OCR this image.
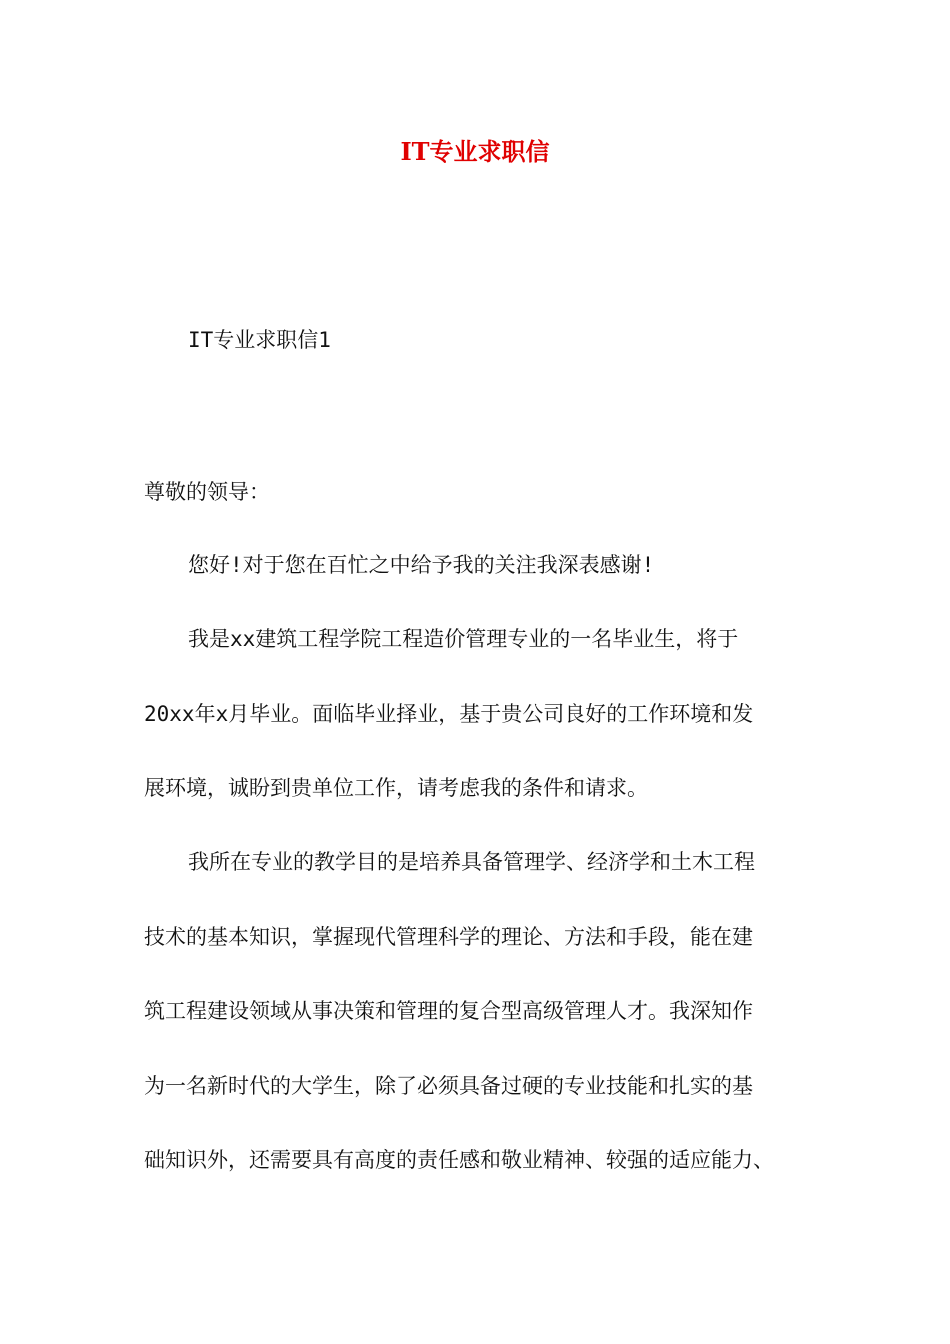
IT专业求职信
IT专业求职信1
尊敬的领导：
您好!对于您在百忙之中给予我的关注我深表感谢!
我是xx建筑工程学院工程造价管理专业的一名毕业生，将于
20xx年x月毕业。面临毕业择业，基于贵公司良好的工作环境和发
展环境，诚盼到贵单位工作，请考虑我的条件和请求。
我所在专业的教学目的是培养具备管理学、经济学和土木工程
技术的基本知识，掌握现代管理科学的理论、方法和手段，能在建
筑工程建设领域从事决策和管理的复合型高级管理人才。我深知作
为一名新时代的大学生，除了必须具备过硬的专业技能和扎实的基
础知识外，还需要具有高度的责任感和敬业精神、较强的适应能力、
